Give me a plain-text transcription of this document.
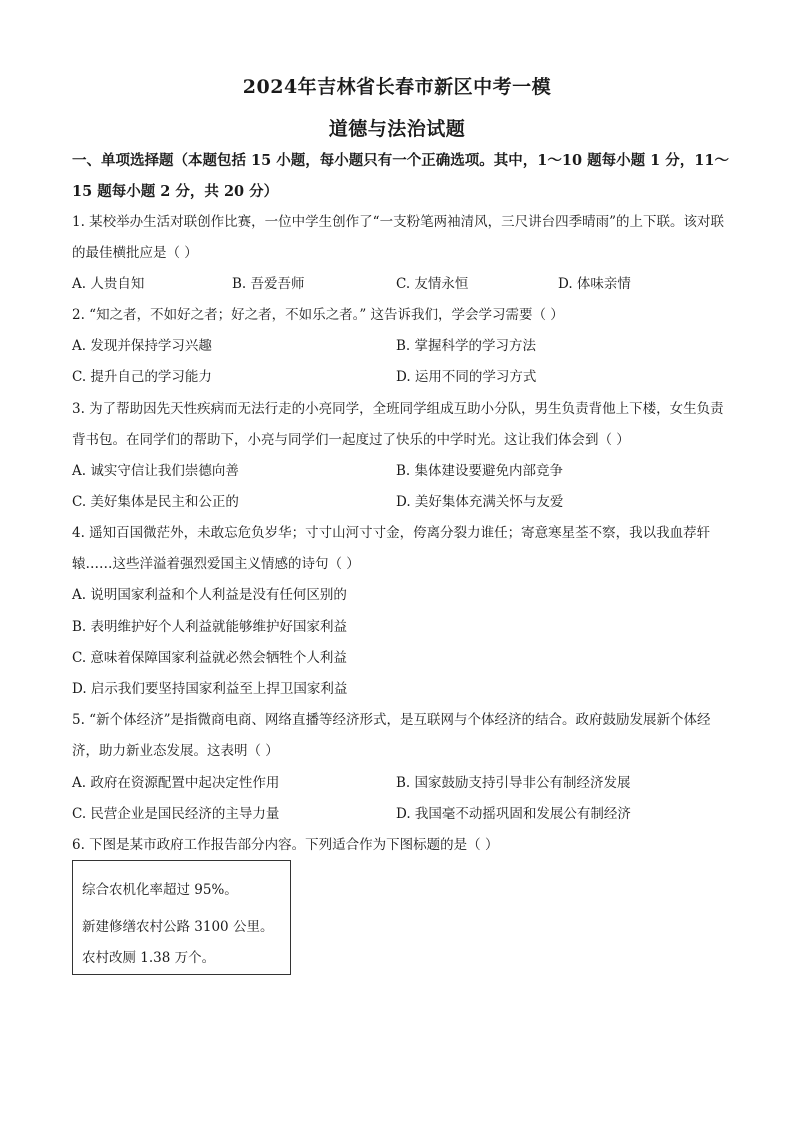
2024年吉林省长春市新区中考一模
道德与法治试题
一、单项选择题（本题包括 15 小题，每小题只有一个正确选项。其中，1～10 题每小题 1 分，11～15 题每小题 2 分，共 20 分）
1. 某校举办生活对联创作比赛，一位中学生创作了“一支粉笔两袖清风，三尺讲台四季晴雨”的上下联。该对联的最佳横批应是（ ）
A. 人贵自知	B. 吾爱吾师	C. 友情永恒	D. 体味亲情
2. “知之者，不如好之者；好之者，不如乐之者。” 这告诉我们，学会学习需要（ ）
A. 发现并保持学习兴趣	B. 掌握科学的学习方法
C. 提升自己的学习能力	D. 运用不同的学习方式
3. 为了帮助因先天性疾病而无法行走的小亮同学，全班同学组成互助小分队，男生负责背他上下楼，女生负责背书包。在同学们的帮助下，小亮与同学们一起度过了快乐的中学时光。这让我们体会到（ ）
A. 诚实守信让我们崇德向善	B. 集体建设要避免内部竞争
C. 美好集体是民主和公正的	D. 美好集体充满关怀与友爱
4. 遥知百国微茫外，未敢忘危负岁华；寸寸山河寸寸金，侉离分裂力谁任；寄意寒星荃不察，我以我血荐轩辕……这些洋溢着强烈爱国主义情感的诗句（ ）
A. 说明国家利益和个人利益是没有任何区别的
B. 表明维护好个人利益就能够维护好国家利益
C. 意味着保障国家利益就必然会牺牲个人利益
D. 启示我们要坚持国家利益至上捍卫国家利益
5. “新个体经济”是指微商电商、网络直播等经济形式，是互联网与个体经济的结合。政府鼓励发展新个体经济，助力新业态发展。这表明（ ）
A. 政府在资源配置中起决定性作用	B. 国家鼓励支持引导非公有制经济发展
C. 民营企业是国民经济的主导力量	D. 我国毫不动摇巩固和发展公有制经济
6. 下图是某市政府工作报告部分内容。下列适合作为下图标题的是（ ）
综合农机化率超过 95%。
新建修缮农村公路 3100 公里。
农村改厕 1.38 万个。
